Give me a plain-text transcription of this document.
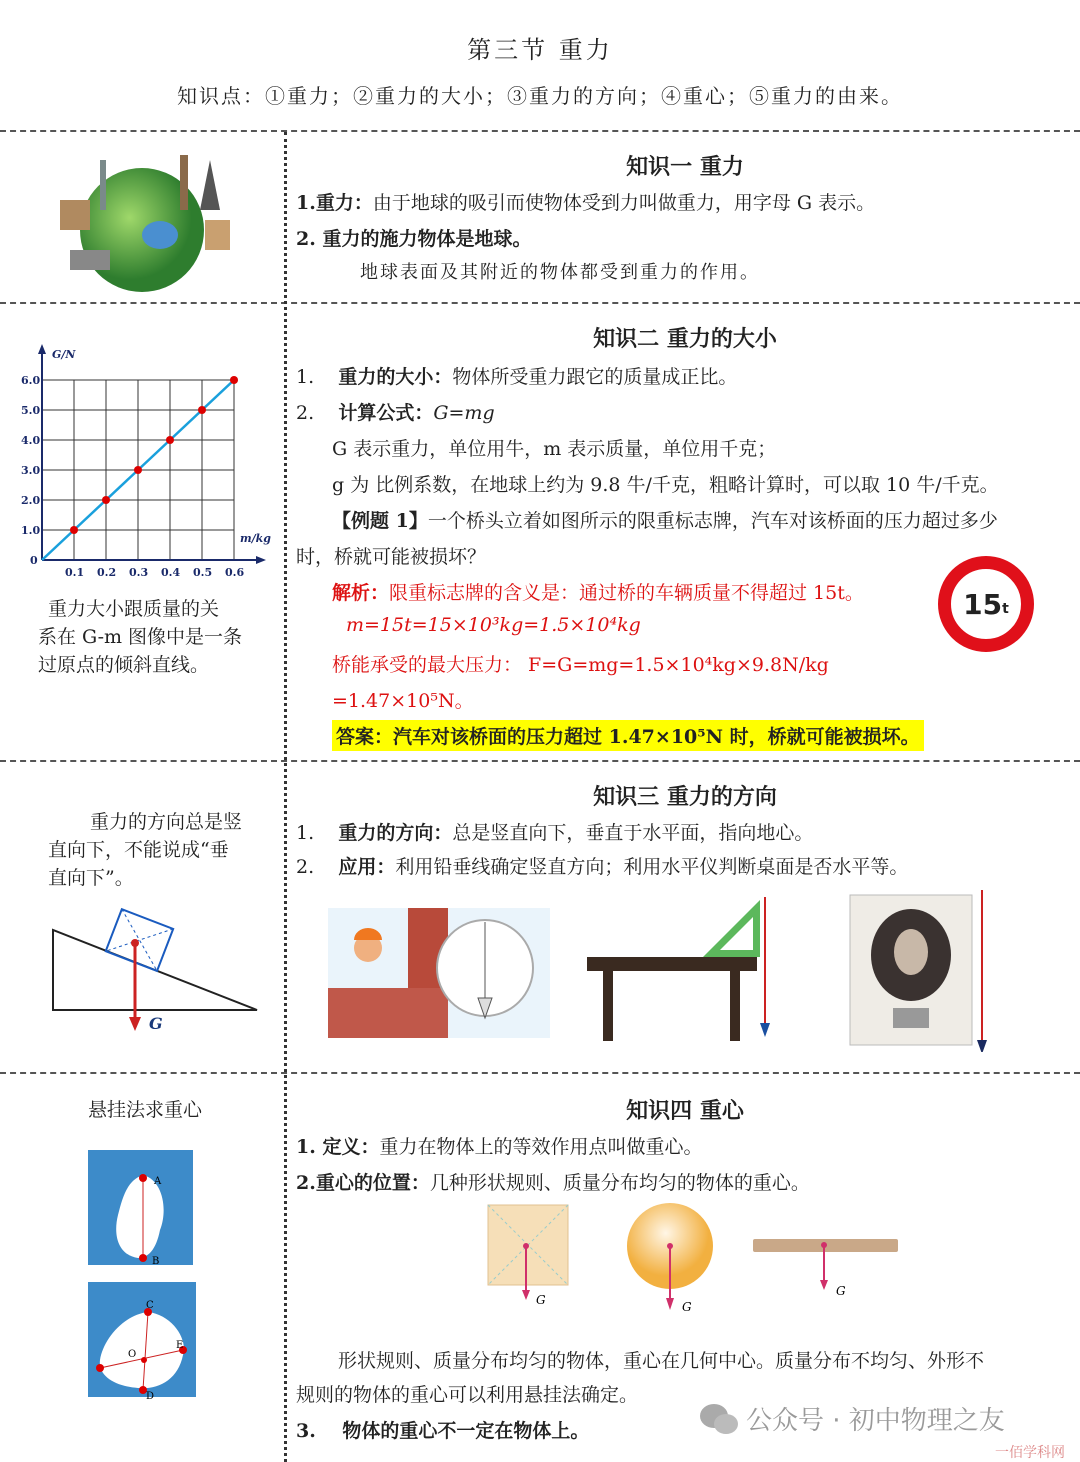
第三节 重力
知识点：①重力；②重力的大小；③重力的方向；④重心；⑤重力的由来。
知识一 重力
1.重力：由于地球的吸引而使物体受到力叫做重力，用字母 G 表示。
2. 重力的施力物体是地球。
地球表面及其附近的物体都受到重力的作用。
0.1 0.2 0.3 0.4 0.5 0.6
1.0
2.0
3.0
4.0
5.0
6.0
0
G/N
m/kg
重力大小跟质量的关
系在 G-m 图像中是一条
过原点的倾斜直线。
知识二 重力的大小
1. 重力的大小：物体所受重力跟它的质量成正比。
2. 计算公式：G=mg
G 表示重力，单位用牛，m 表示质量，单位用千克；
g 为 比例系数，在地球上约为 9.8 牛/千克，粗略计算时，可以取 10 牛/千克。
【例题 1】一个桥头立着如图所示的限重标志牌，汽车对该桥面的压力超过多少
时，桥就可能被损坏？
解析：限重标志牌的含义是：通过桥的车辆质量不得超过 15t。
m=15t=15×10³kg=1.5×10⁴kg
桥能承受的最大压力： F=G=mg=1.5×10⁴kg×9.8N/kg
=1.47×10⁵N。
答案：汽车对该桥面的压力超过 1.47×10⁵N 时，桥就可能被损坏。
15 t
重力的方向总是竖
直向下，不能说成“垂
直向下”。
G
知识三 重力的方向
1. 重力的方向：总是竖直向下，垂直于水平面，指向地心。
2. 应用：利用铅垂线确定竖直方向；利用水平仪判断桌面是否水平等。
悬挂法求重心
A
B
C
D
E
O
知识四 重心
1. 定义：重力在物体上的等效作用点叫做重心。
2.重心的位置：几种形状规则、质量分布均匀的物体的重心。
G	G
G
形状规则、质量分布均匀的物体，重心在几何中心。质量分布不均匀、外形不
规则的物体的重心可以利用悬挂法确定。
3. 物体的重心不一定在物体上。	公众号 · 初中物理之友
一佰学科网
